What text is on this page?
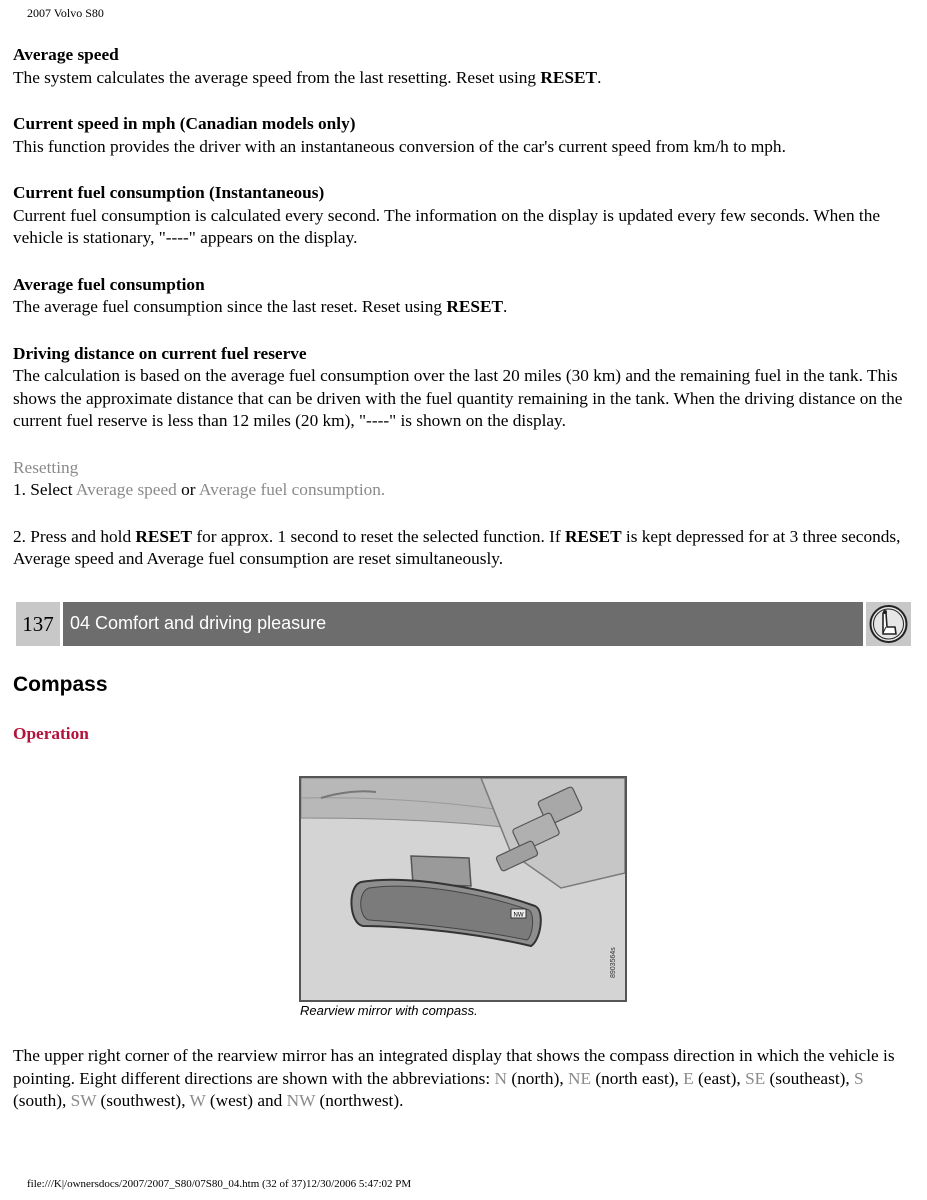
2007 Volvo S80
Average speed
The system calculates the average speed from the last resetting. Reset using RESET.
Current speed in mph (Canadian models only)
This function provides the driver with an instantaneous conversion of the car's current speed from km/h to mph.
Current fuel consumption (Instantaneous)
Current fuel consumption is calculated every second. The information on the display is updated every few seconds. When the vehicle is stationary, "----" appears on the display.
Average fuel consumption
The average fuel consumption since the last reset. Reset using RESET.
Driving distance on current fuel reserve
The calculation is based on the average fuel consumption over the last 20 miles (30 km) and the remaining fuel in the tank. This shows the approximate distance that can be driven with the fuel quantity remaining in the tank. When the driving distance on the current fuel reserve is less than 12 miles (20 km), "----" is shown on the display.
Resetting
1. Select Average speed or Average fuel consumption.
2. Press and hold RESET for approx. 1 second to reset the selected function. If RESET is kept depressed for at 3 three seconds, Average speed and Average fuel consumption are reset simultaneously.
137 04 Comfort and driving pleasure
Compass
Operation
NW
8903564s
Rearview mirror with compass.
The upper right corner of the rearview mirror has an integrated display that shows the compass direction in which the vehicle is pointing. Eight different directions are shown with the abbreviations: N (north), NE (north east), E (east), SE (southeast), S (south), SW (southwest), W (west) and NW (northwest).
file:///K|/ownersdocs/2007/2007_S80/07S80_04.htm (32 of 37)12/30/2006 5:47:02 PM
